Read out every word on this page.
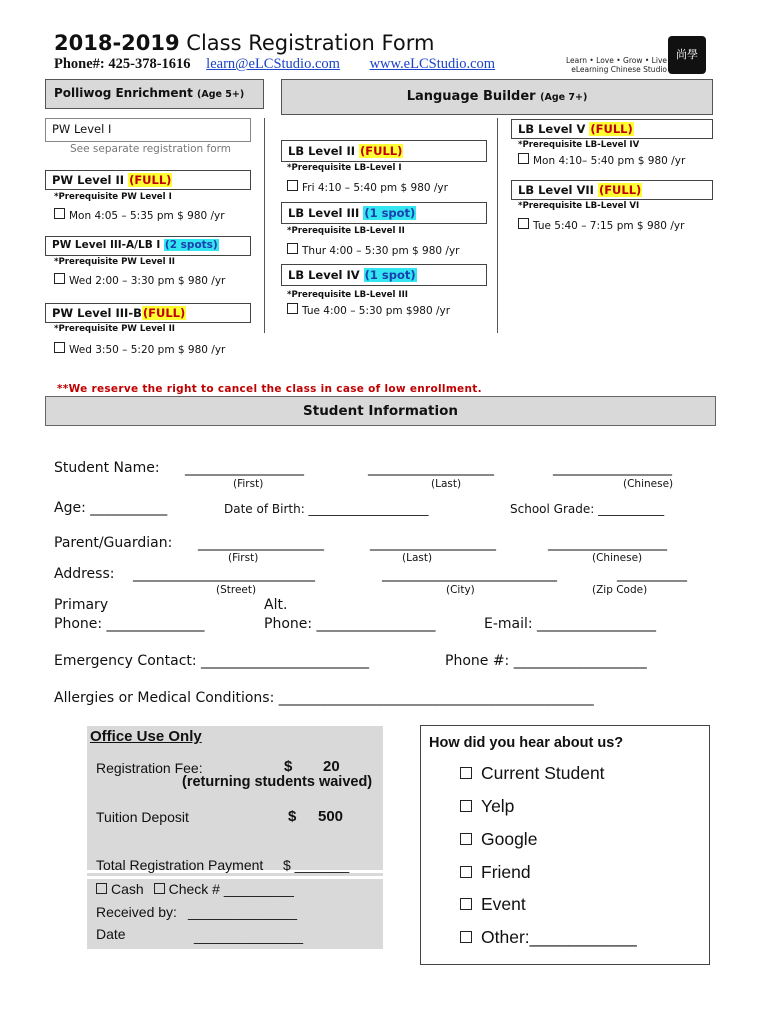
2018-2019 Class Registration Form
Phone#: 425-378-1616 learn@eLCStudio.com www.eLCStudio.com	Learn • Love • Grow • Live
eLearning Chinese Studio
尚學
Polliwog Enrichment (Age 5+)	Language Builder (Age 7+)
PW Level I
See separate registration form
PW Level II (FULL)
*Prerequisite PW Level I
Mon 4:05 – 5:35 pm $ 980 /yr
PW Level III-A/LB I (2 spots)
*Prerequisite PW Level II
Wed 2:00 – 3:30 pm $ 980 /yr
PW Level III-B(FULL)
*Prerequisite PW Level II
Wed 3:50 – 5:20 pm $ 980 /yr
LB Level II (FULL)
*Prerequisite LB-Level I
Fri 4:10 – 5:40 pm $ 980 /yr
LB Level III (1 spot)
*Prerequisite LB-Level II
Thur 4:00 – 5:30 pm $ 980 /yr
LB Level IV (1 spot)
*Prerequisite LB-Level III
Tue 4:00 – 5:30 pm $980 /yr
LB Level V (FULL)
*Prerequisite LB-Level IV
Mon 4:10– 5:40 pm $ 980 /yr
LB Level VII (FULL)
*Prerequisite LB-Level VI
Tue 5:40 – 7:15 pm $ 980 /yr
**We reserve the right to cancel the class in case of low enrollment.
Student Information
Student Name: _________________	__________________	_________________
(First)	(Last)	(Chinese)
Age: ___________	Date of Birth: ____________________	School Grade: ___________
Parent/Guardian: __________________	__________________	_________________
(First)	(Last)	(Chinese)
Address: __________________________	_________________________	__________
(Street)	(City)	(Zip Code)
Primary
Phone: ______________
Alt.
Phone: _________________	E-mail: _________________
Emergency Contact: ________________________	Phone #: ___________________
Allergies or Medical Conditions: _____________________________________________
Office Use Only
Registration Fee:	$ 20
(returning students waived)
Tuition Deposit	$ 500
Total Registration Payment $ _______
Cash Check # _________
Received by: ______________
Date	______________
How did you hear about us?
Current Student
Yelp
Google
Friend
Event
Other:___________
